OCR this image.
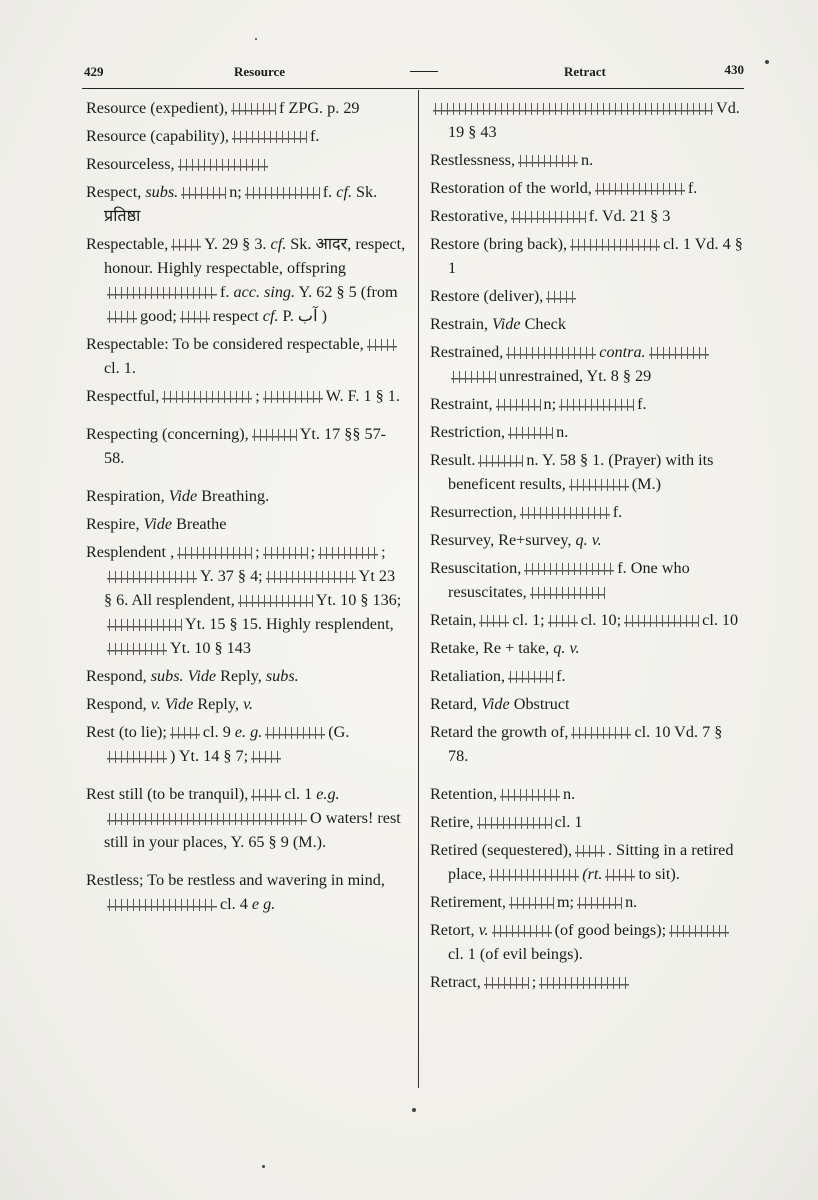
429	Resource	Retract	430

Resource (expedient),	f ZPG. p. 29

Resource (capability),	f.

Resourceless,

Respect, subs.	n;	f. cf. Sk. प्रतिष्ठा

Respectable, Y. 29 § 3. cf. Sk. आदर, respect, honour. Highly respectable, offspringf. acc. sing. Y. 62 § 5 (fromgood; respect cf. P. آب )

Respectable: To be considered respectable,cl. 1.

Respectful,	;	W. F. 1 § 1.

Respecting (concerning),	Yt. 17 §§ 57-58.

Respiration, Vide Breathing.

Respire, Vide Breathe

Resplendent ,	;	;	;Y. 37 § 4;	Yt 23 § 6. All resplendent,	Yt. 10 § 136;Yt. 15 § 15. Highly resplendent,Yt. 10 § 143

Respond, subs. Vide Reply, subs.

Respond, v. Vide Reply, v.

Rest (to lie); cl. 9 e. g.	(G.) Yt. 14 § 7;

Rest still (to be tranquil), cl. 1 e.g.O waters! rest still in your places, Y. 65 § 9 (M.).

Restless; To be restless and wavering in mind,cl. 4 e g.

Vd. 19 § 43

Restlessness,	n.

Restoration of the world,	f.

Restorative,	f. Vd. 21 § 3

Restore (bring back),	cl. 1 Vd. 4 § 1

Restore (deliver),

Restrain, Vide Check

Restrained,	contra.unrestrained, Yt. 8 § 29

Restraint,	n;	f.

Restriction,	n.

Result.	n. Y. 58 § 1. (Prayer) with its beneficent results,	(M.)

Resurrection,	f.

Resurvey, Re+survey, q. v.

Resuscitation,	f. One who resuscitates,

Retain, cl. 1; cl. 10;	cl. 10

Retake, Re + take, q. v.

Retaliation,	f.

Retard, Vide Obstruct

Retard the growth of,	cl. 10 Vd. 7 § 78.

Retention,	n.

Retire,	cl. 1

Retired (sequestered), . Sitting in a retired place,	(rt. to sit).

Retirement,	m;	n.

Retort, v.	(of good beings);cl. 1 (of evil beings).

Retract,	;
